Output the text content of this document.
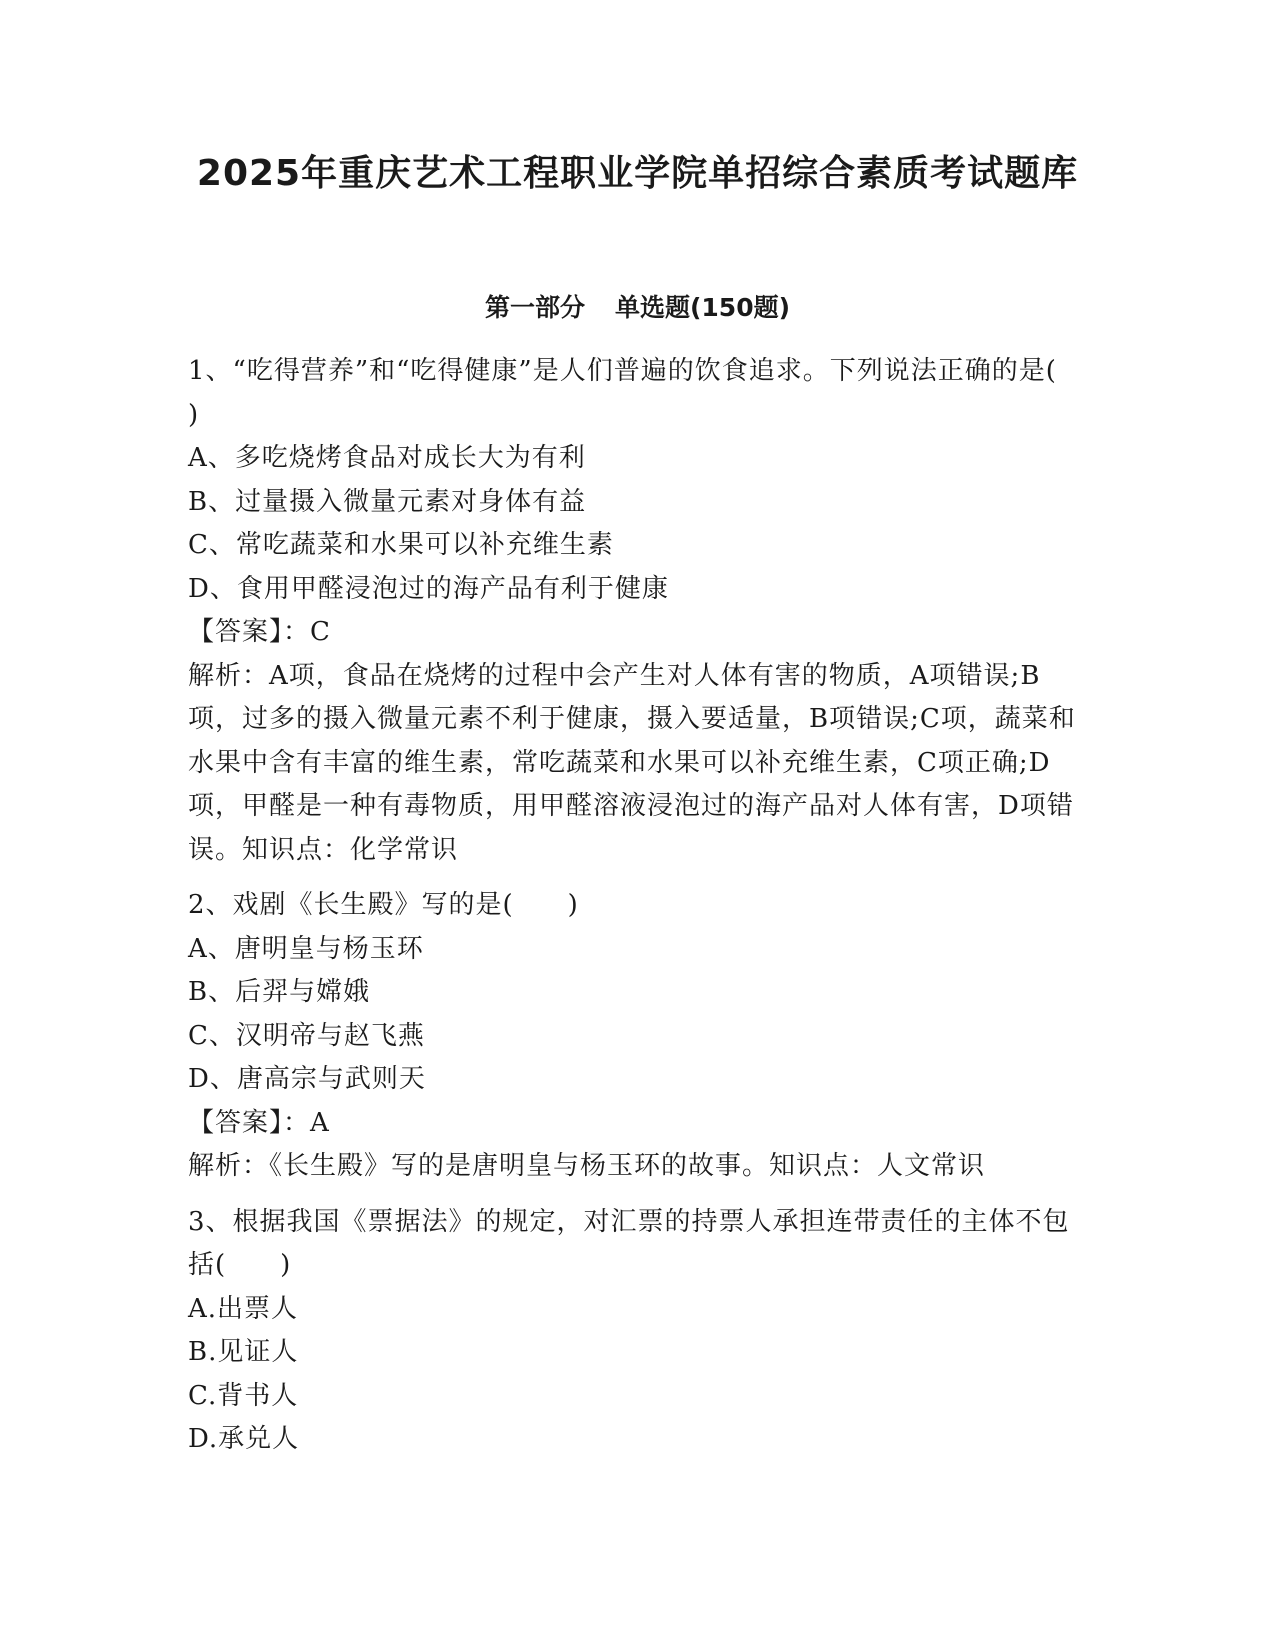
2025年重庆艺术工程职业学院单招综合素质考试题库
第一部分 单选题(150题)

1、“吃得营养”和“吃得健康”是人们普遍的饮食追求。下列说法正确的是(　　)

A、多吃烧烤食品对成长大为有利

B、过量摄入微量元素对身体有益

C、常吃蔬菜和水果可以补充维生素

D、食用甲醛浸泡过的海产品有利于健康

【答案】：C

解析：A项，食品在烧烤的过程中会产生对人体有害的物质，A项错误;B项，过多的摄入微量元素不利于健康，摄入要适量，B项错误;C项，蔬菜和水果中含有丰富的维生素，常吃蔬菜和水果可以补充维生素，C项正确;D项，甲醛是一种有毒物质，用甲醛溶液浸泡过的海产品对人体有害，D项错误。知识点：化学常识

2、戏剧《长生殿》写的是(　　)

A、唐明皇与杨玉环

B、后羿与嫦娥

C、汉明帝与赵飞燕

D、唐高宗与武则天

【答案】：A

解析：《长生殿》写的是唐明皇与杨玉环的故事。知识点：人文常识

3、根据我国《票据法》的规定，对汇票的持票人承担连带责任的主体不包括(　　)

A.出票人

B.见证人

C.背书人

D.承兑人
